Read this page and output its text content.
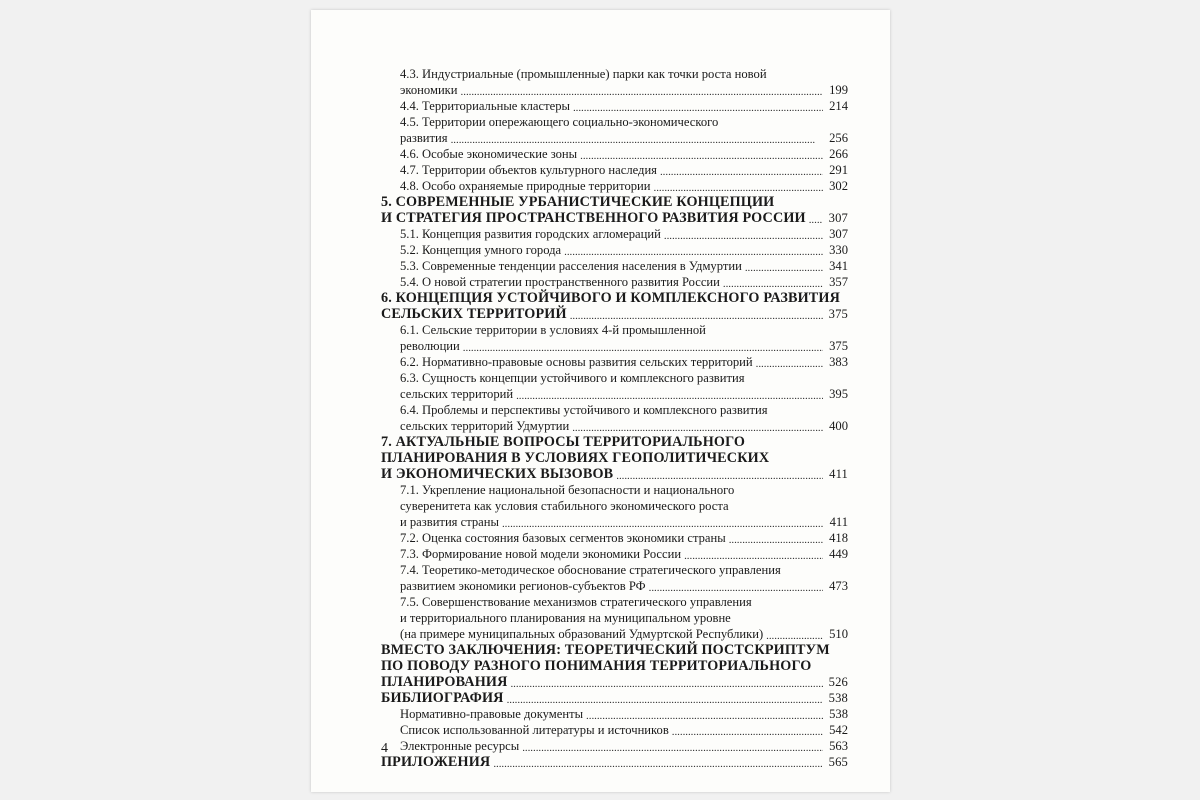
4.3. Индустриальные (промышленные) парки как точки роста новой
экономики . . .	199
4.4. Территориальные кластеры . . .	214
4.5. Территории опережающего социально-экономического
развития . . .	256
4.6. Особые экономические зоны . . .	266
4.7. Территории объектов культурного наследия . . .	291
4.8. Особо охраняемые природные территории . . .	302
5. СОВРЕМЕННЫЕ УРБАНИСТИЧЕСКИЕ КОНЦЕПЦИИ
И СТРАТЕГИЯ ПРОСТРАНСТВЕННОГО РАЗВИТИЯ РОССИИ . . . 307
5.1. Концепция развития городских агломераций . . .	307
5.2. Концепция умного города . . .	330
5.3. Современные тенденции расселения населения в Удмуртии . . .	341
5.4. О новой стратегии пространственного развития России . . .	357
6. КОНЦЕПЦИЯ УСТОЙЧИВОГО И КОМПЛЕКСНОГО РАЗВИТИЯ
СЕЛЬСКИХ ТЕРРИТОРИЙ . . .	375
6.1. Сельские территории в условиях 4-й промышленной
революции . . .	375
6.2. Нормативно-правовые основы развития сельских территорий . . .	383
6.3. Сущность концепции устойчивого и комплексного развития
сельских территорий . . .	395
6.4. Проблемы и перспективы устойчивого и комплексного развития
сельских территорий Удмуртии . . .	400
7. АКТУАЛЬНЫЕ ВОПРОСЫ ТЕРРИТОРИАЛЬНОГО
ПЛАНИРОВАНИЯ В УСЛОВИЯХ ГЕОПОЛИТИЧЕСКИХ
И ЭКОНОМИЧЕСКИХ ВЫЗОВОВ . . .	411
7.1. Укрепление национальной безопасности и национального
суверенитета как условия стабильного экономического роста
и развития страны . . .	411
7.2. Оценка состояния базовых сегментов экономики страны . . .	418
7.3. Формирование новой модели экономики России . . .	449
7.4. Теоретико-методическое обоснование стратегического управления
развитием экономики регионов-субъектов РФ . . .	473
7.5. Совершенствование механизмов стратегического управления
и территориального планирования на муниципальном уровне
(на примере муниципальных образований Удмуртской Республики) . . .	510
ВМЕСТО ЗАКЛЮЧЕНИЯ: ТЕОРЕТИЧЕСКИЙ ПОСТСКРИПТУМ
ПО ПОВОДУ РАЗНОГО ПОНИМАНИЯ ТЕРРИТОРИАЛЬНОГО
ПЛАНИРОВАНИЯ . . .	526
БИБЛИОГРАФИЯ . . .	538
Нормативно-правовые документы . . .	538
Список использованной литературы и источников . . .	542
Электронные ресурсы . . .	563
ПРИЛОЖЕНИЯ . . .	565
4
